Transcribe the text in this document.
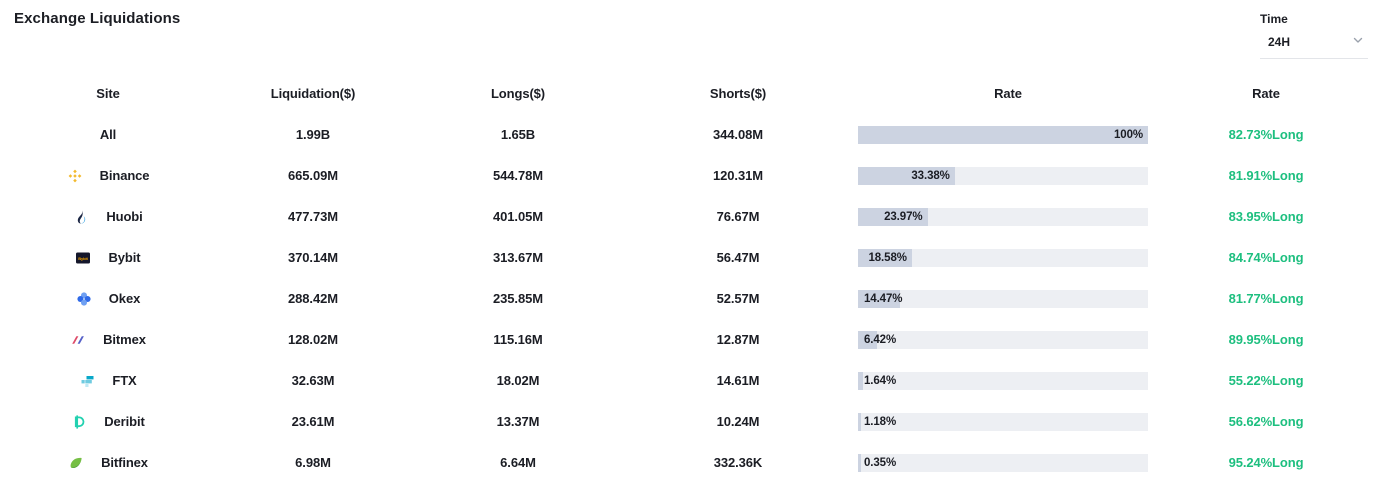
Exchange Liquidations	Time
24H
Site	Liquidation($)	Longs($)	Shorts($)	Rate	Rate
All	1.99B	1.65B	344.08M	100%	82.73%Long
Binance	665.09M	544.78M	120.31M	33.38%	81.91%Long
Huobi	477.73M	401.05M	76.67M	23.97%	83.95%Long
Bybit Bybit	370.14M	313.67M	56.47M	18.58%	84.74%Long
Okex	288.42M	235.85M	52.57M	14.47%	81.77%Long
Bitmex	128.02M	115.16M	12.87M	6.42%	89.95%Long
FTX	32.63M	18.02M	14.61M	1.64%	55.22%Long
Deribit	23.61M	13.37M	10.24M	1.18%	56.62%Long
Bitfinex	6.98M	6.64M	332.36K	0.35%	95.24%Long
